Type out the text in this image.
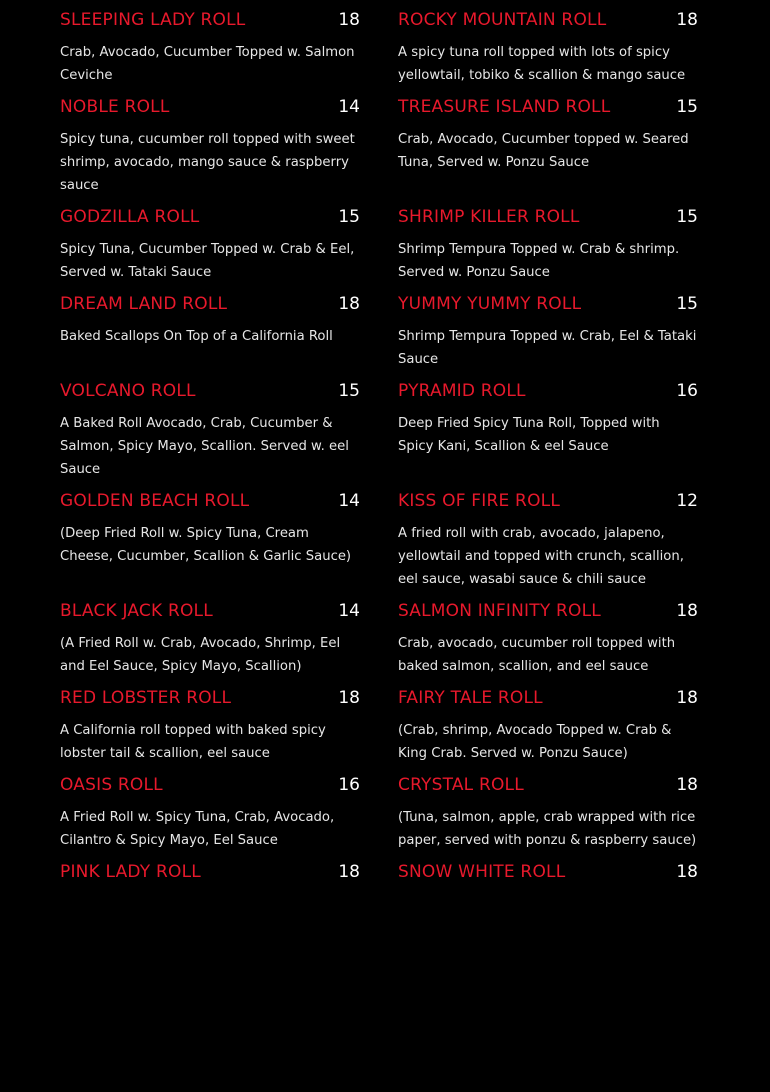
SLEEPING LADY ROLL	18
Crab, Avocado, Cucumber Topped w. Salmon Ceviche
ROCKY MOUNTAIN ROLL	18
A spicy tuna roll topped with lots of spicy yellowtail, tobiko & scallion & mango sauce
NOBLE ROLL	14
Spicy tuna, cucumber roll topped with sweet shrimp, avocado, mango sauce & raspberry sauce
TREASURE ISLAND ROLL	15
Crab, Avocado, Cucumber topped w. Seared Tuna, Served w. Ponzu Sauce
GODZILLA ROLL	15
Spicy Tuna, Cucumber Topped w. Crab & Eel, Served w. Tataki Sauce
SHRIMP KILLER ROLL	15
Shrimp Tempura Topped w. Crab & shrimp. Served w. Ponzu Sauce
DREAM LAND ROLL	18
Baked Scallops On Top of a California Roll
YUMMY YUMMY ROLL	15
Shrimp Tempura Topped w. Crab, Eel & Tataki Sauce
VOLCANO ROLL	15
A Baked Roll Avocado, Crab, Cucumber & Salmon, Spicy Mayo, Scallion. Served w. eel Sauce
PYRAMID ROLL	16
Deep Fried Spicy Tuna Roll, Topped with Spicy Kani, Scallion & eel Sauce
GOLDEN BEACH ROLL	14
(Deep Fried Roll w. Spicy Tuna, Cream Cheese, Cucumber, Scallion & Garlic Sauce)
KISS OF FIRE ROLL	12
A fried roll with crab, avocado, jalapeno, yellowtail and topped with crunch, scallion, eel sauce, wasabi sauce & chili sauce
BLACK JACK ROLL	14
(A Fried Roll w. Crab, Avocado, Shrimp, Eel and Eel Sauce, Spicy Mayo, Scallion)
SALMON INFINITY ROLL	18
Crab, avocado, cucumber roll topped with baked salmon, scallion, and eel sauce
RED LOBSTER ROLL	18
A California roll topped with baked spicy lobster tail & scallion, eel sauce
FAIRY TALE ROLL	18
(Crab, shrimp, Avocado Topped w. Crab & King Crab. Served w. Ponzu Sauce)
OASIS ROLL	16
A Fried Roll w. Spicy Tuna, Crab, Avocado, Cilantro & Spicy Mayo, Eel Sauce
CRYSTAL ROLL	18
(Tuna, salmon, apple, crab wrapped with rice paper, served with ponzu & raspberry sauce)
PINK LADY ROLL	18 SNOW WHITE ROLL	18
